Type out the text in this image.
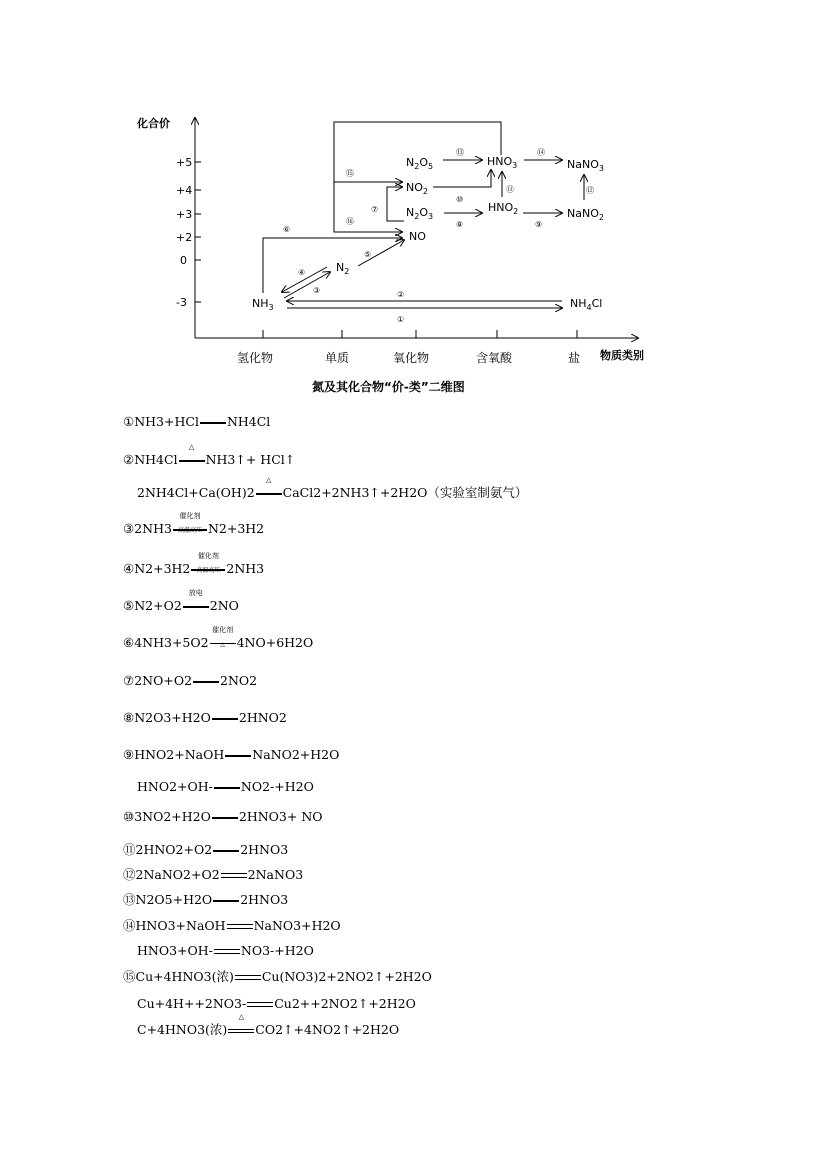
化合价
物质类别
+5
+4
+3
+2
0
-3
氢化物	单质	氧化物	含氧酸	盐
$NH_3$
$N_2$
NO
$N_2O_3$
$NO_2$
$N_2O_5$
$HNO_2$
$HNO_3$
NaNO$_2$
NaNO$_3$
$NH_4Cl$
①
②
③
④
⑤
⑥
⑦
⑧	⑨
⑩
⑪	⑫
⑬	⑭
⑮
⑯
氮及其化合物“价-类”二维图
①NH3+HCl NH4Cl
②NH4Cl
△
NH3↑+ HCl↑
2NH4Cl+Ca(OH)2
△
CaCl2+2NH3↑+2H2O（实验室制氨气）
③2NH3
催化剂
高温高压 N2+3H2
④N2+3H2
催化剂
高温高压 2NH3
⑤N2+O2
放电
2NO
⑥4NH3+5O2
催化剂
△ 4NO+6H2O
⑦2NO+O2 2NO2
⑧N2O3+H2O 2HNO2
⑨HNO2+NaOH NaNO2+H2O
HNO2+OH- NO2-+H2O
⑩3NO2+H2O 2HNO3+ NO
⑪2HNO2+O2 2HNO3
⑫2NaNO2+O2 2NaNO3
⑬N2O5+H2O 2HNO3
⑭HNO3+NaOH NaNO3+H2O
HNO3+OH- NO3-+H2O
⑮Cu+4HNO3(浓) Cu(NO3)2+2NO2↑+2H2O
Cu+4H++2NO3- Cu2++2NO2↑+2H2O
C+4HNO3(浓)
△
CO2↑+4NO2↑+2H2O
